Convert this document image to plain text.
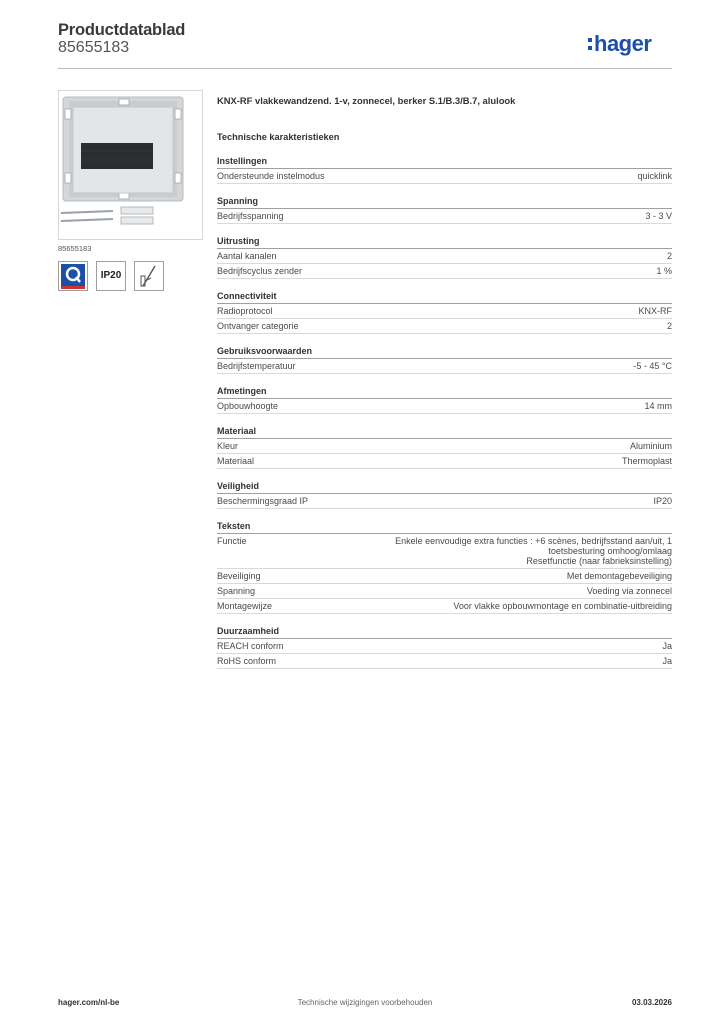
Productdatablad
85655183	hager
85655183
IP20
KNX-RF vlakkewandzend. 1-v, zonnecel, berker S.1/B.3/B.7, alulook
Technische karakteristieken
Instellingen
Ondersteunde instelmodus	quicklink
Spanning
Bedrijfsspanning	3 - 3 V
Uitrusting
Aantal kanalen	2
Bedrijfscyclus zender	1 %
Connectiviteit
Radioprotocol	KNX-RF
Ontvanger categorie	2
Gebruiksvoorwaarden
Bedrijfstemperatuur	-5 - 45 °C
Afmetingen
Opbouwhoogte	14 mm
Materiaal
Kleur	Aluminium
Materiaal	Thermoplast
Veiligheid
Beschermingsgraad IP	IP20
Teksten
Functie	Enkele eenvoudige extra functies : +6 scènes, bedrijfsstand aan/uit, 1 toetsbesturing omhoog/omlaag
Resetfunctie (naar fabrieksinstelling)
Beveiliging	Met demontagebeveiliging
Spanning	Voeding via zonnecel
Montagewijze	Voor vlakke opbouwmontage en combinatie-uitbreiding
Duurzaamheid
REACH conform	Ja
RoHS conform	Ja
hager.com/nl-be	Technische wijzigingen voorbehouden	03.03.2026
